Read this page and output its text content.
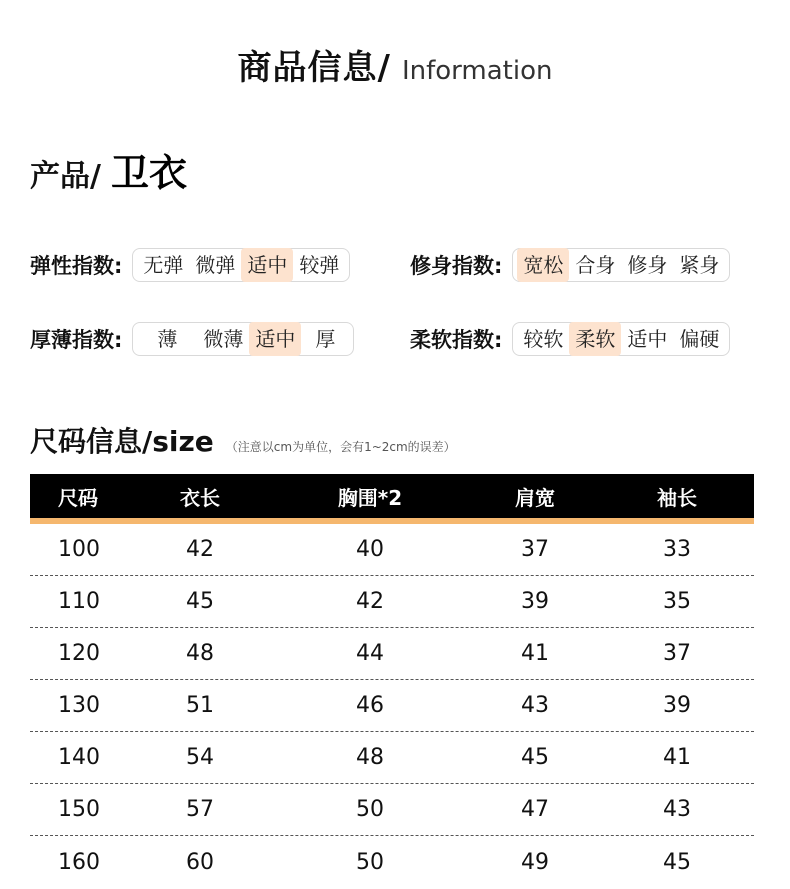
商品信息/ Information
产品/ 卫衣
弹性指数:	无弹 微弹 适中 较弹	修身指数:	宽松 合身 修身 紧身
厚薄指数:	薄	微薄 适中	厚	柔软指数:	较软 柔软 适中 偏硬
尺码信息/size （注意以cm为单位，会有1~2cm的误差）
尺码	衣长	胸围*2	肩宽	袖长
100	42	40	37	33
110	45	42	39	35
120	48	44	41	37
130	51	46	43	39
140	54	48	45	41
150	57	50	47	43
160	60	50	49	45
